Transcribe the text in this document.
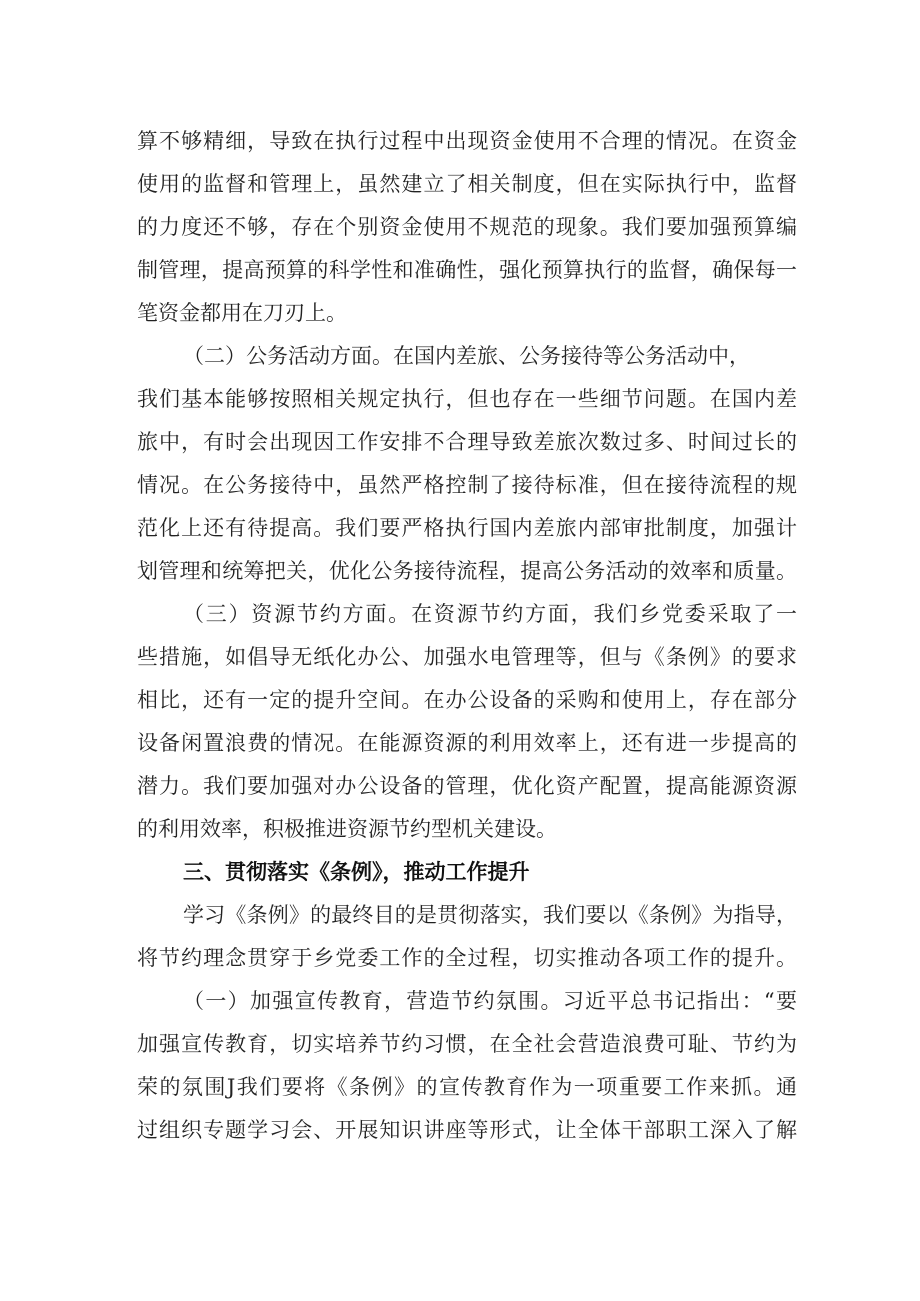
算不够精细，导致在执行过程中出现资金使用不合理的情况。在资金
使用的监督和管理上，虽然建立了相关制度，但在实际执行中，监督
的力度还不够，存在个别资金使用不规范的现象。我们要加强预算编
制管理，提高预算的科学性和准确性，强化预算执行的监督，确保每一
笔资金都用在刀刃上。
（二）公务活动方面。在国内差旅、公务接待等公务活动中，
我们基本能够按照相关规定执行，但也存在一些细节问题。在国内差
旅中，有时会出现因工作安排不合理导致差旅次数过多、时间过长的
情况。在公务接待中，虽然严格控制了接待标准，但在接待流程的规
范化上还有待提高。我们要严格执行国内差旅内部审批制度，加强计
划管理和统筹把关，优化公务接待流程，提高公务活动的效率和质量。
（三）资源节约方面。在资源节约方面，我们乡党委采取了一
些措施，如倡导无纸化办公、加强水电管理等，但与《条例》的要求
相比，还有一定的提升空间。在办公设备的采购和使用上，存在部分
设备闲置浪费的情况。在能源资源的利用效率上，还有进一步提高的
潜力。我们要加强对办公设备的管理，优化资产配置，提高能源资源
的利用效率，积极推进资源节约型机关建设。
三、贯彻落实《条例》，推动工作提升
学习《条例》的最终目的是贯彻落实，我们要以《条例》为指导，
将节约理念贯穿于乡党委工作的全过程，切实推动各项工作的提升。
（一）加强宣传教育，营造节约氛围。习近平总书记指出：“要
加强宣传教育，切实培养节约习惯，在全社会营造浪费可耻、节约为
荣的氛围J我们要将《条例》的宣传教育作为一项重要工作来抓。通
过组织专题学习会、开展知识讲座等形式，让全体干部职工深入了解
